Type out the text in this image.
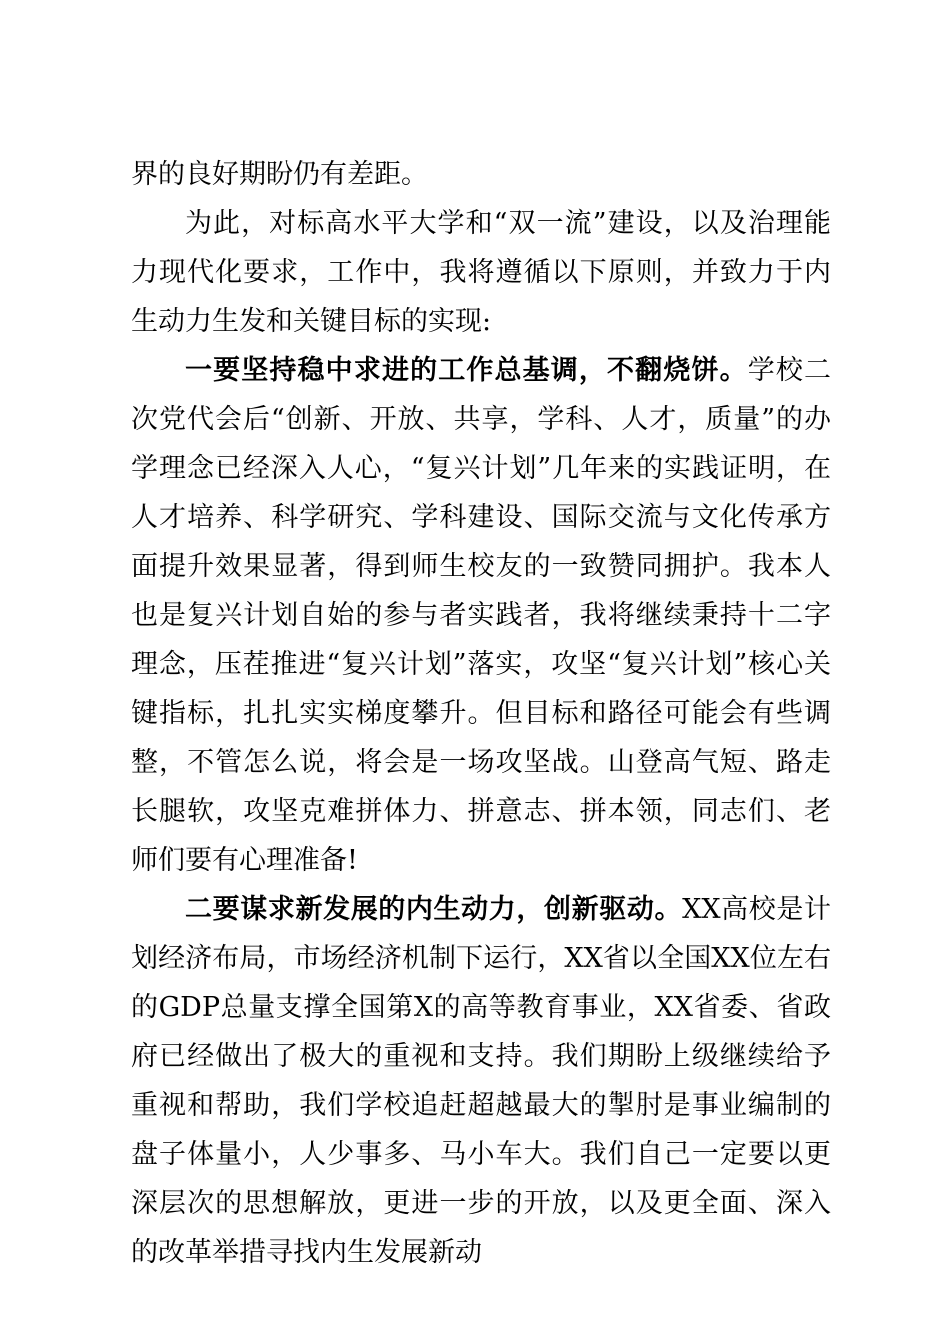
界的良好期盼仍有差距。

为此，对标高水平大学和“双一流”建设，以及治理能力现代化要求，工作中，我将遵循以下原则，并致力于内生动力生发和关键目标的实现:

一要坚持稳中求进的工作总基调，不翻烧饼。学校二次党代会后“创新、开放、共享，学科、人才，质量”的办学理念已经深入人心，“复兴计划”几年来的实践证明，在人才培养、科学研究、学科建设、国际交流与文化传承方面提升效果显著，得到师生校友的一致赞同拥护。我本人也是复兴计划自始的参与者实践者，我将继续秉持十二字理念，压茬推进“复兴计划”落实，攻坚“复兴计划”核心关键指标，扎扎实实梯度攀升。但目标和路径可能会有些调整，不管怎么说，将会是一场攻坚战。山登高气短、路走长腿软，攻坚克难拼体力、拼意志、拼本领，同志们、老师们要有心理准备!

二要谋求新发展的内生动力，创新驱动。XX高校是计划经济布局，市场经济机制下运行，XX省以全国XX位左右的GDP总量支撑全国第X的高等教育事业，XX省委、省政府已经做出了极大的重视和支持。我们期盼上级继续给予重视和帮助，我们学校追赶超越最大的掣肘是事业编制的盘子体量小，人少事多、马小车大。我们自己一定要以更深层次的思想解放，更进一步的开放，以及更全面、深入的改革举措寻找内生发展新动
